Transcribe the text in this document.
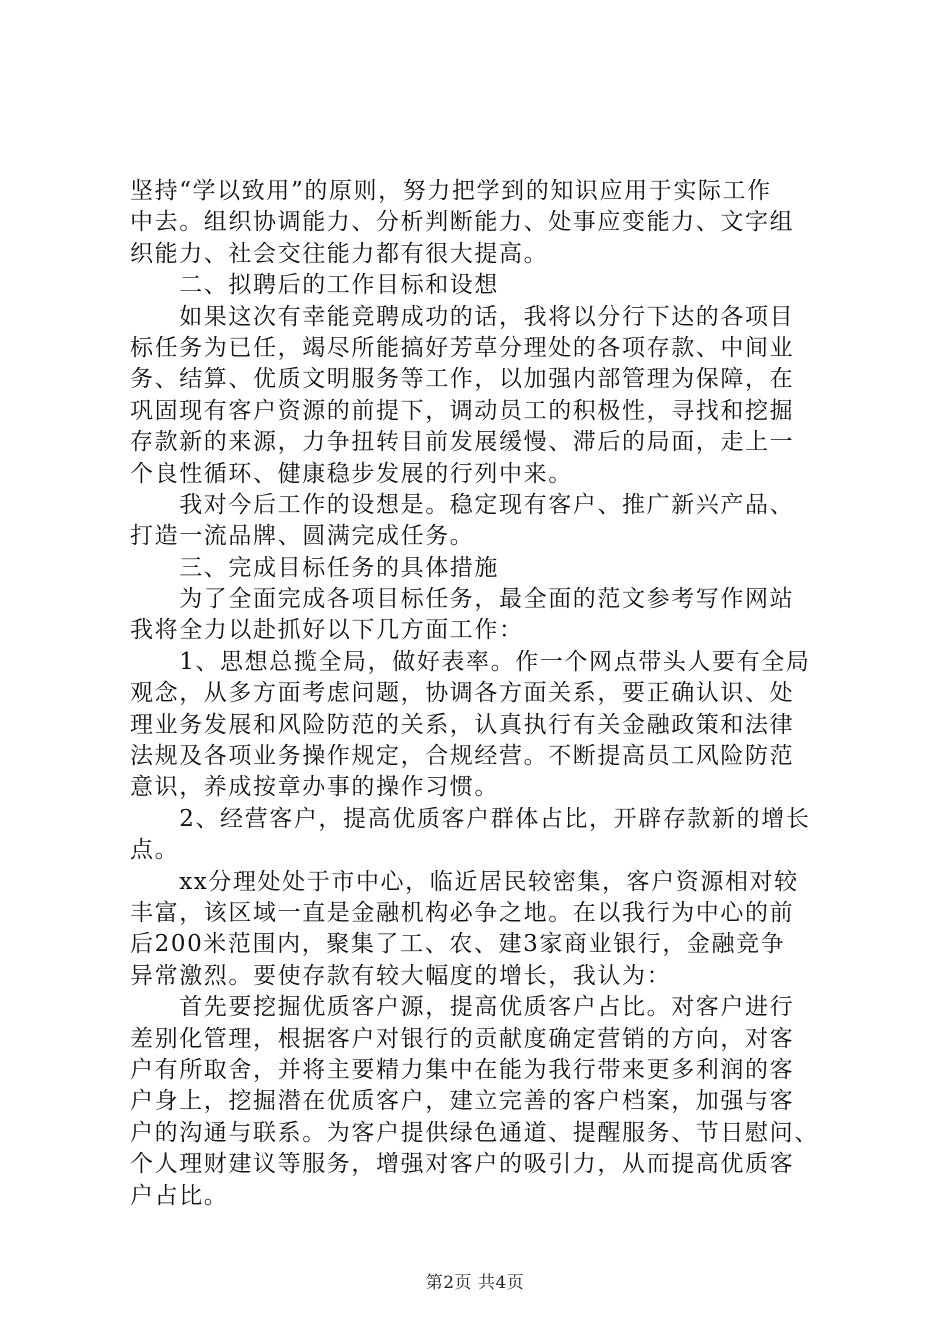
坚持“学以致用”的原则，努力把学到的知识应用于实际工作
中去。组织协调能力、分析判断能力、处事应变能力、文字组
织能力、社会交往能力都有很大提高。
　　二、拟聘后的工作目标和设想
　　如果这次有幸能竞聘成功的话，我将以分行下达的各项目
标任务为已任，竭尽所能搞好芳草分理处的各项存款、中间业
务、结算、优质文明服务等工作，以加强内部管理为保障，在
巩固现有客户资源的前提下，调动员工的积极性，寻找和挖掘
存款新的来源，力争扭转目前发展缓慢、滞后的局面，走上一
个良性循环、健康稳步发展的行列中来。
　　我对今后工作的设想是。稳定现有客户、推广新兴产品、
打造一流品牌、圆满完成任务。
　　三、完成目标任务的具体措施
　　为了全面完成各项目标任务，最全面的范文参考写作网站
我将全力以赴抓好以下几方面工作：
　　1、思想总揽全局，做好表率。作一个网点带头人要有全局
观念，从多方面考虑问题，协调各方面关系，要正确认识、处
理业务发展和风险防范的关系，认真执行有关金融政策和法律
法规及各项业务操作规定，合规经营。不断提高员工风险防范
意识，养成按章办事的操作习惯。
　　2、经营客户，提高优质客户群体占比，开辟存款新的增长
点。
　　xx分理处处于市中心，临近居民较密集，客户资源相对较
丰富，该区域一直是金融机构必争之地。在以我行为中心的前
后200米范围内，聚集了工、农、建3家商业银行，金融竞争
异常激烈。要使存款有较大幅度的增长，我认为：
　　首先要挖掘优质客户源，提高优质客户占比。对客户进行
差别化管理，根据客户对银行的贡献度确定营销的方向，对客
户有所取舍，并将主要精力集中在能为我行带来更多利润的客
户身上，挖掘潜在优质客户，建立完善的客户档案，加强与客
户的沟通与联系。为客户提供绿色通道、提醒服务、节日慰问、
个人理财建议等服务，增强对客户的吸引力，从而提高优质客
户占比。
第2页 共4页
